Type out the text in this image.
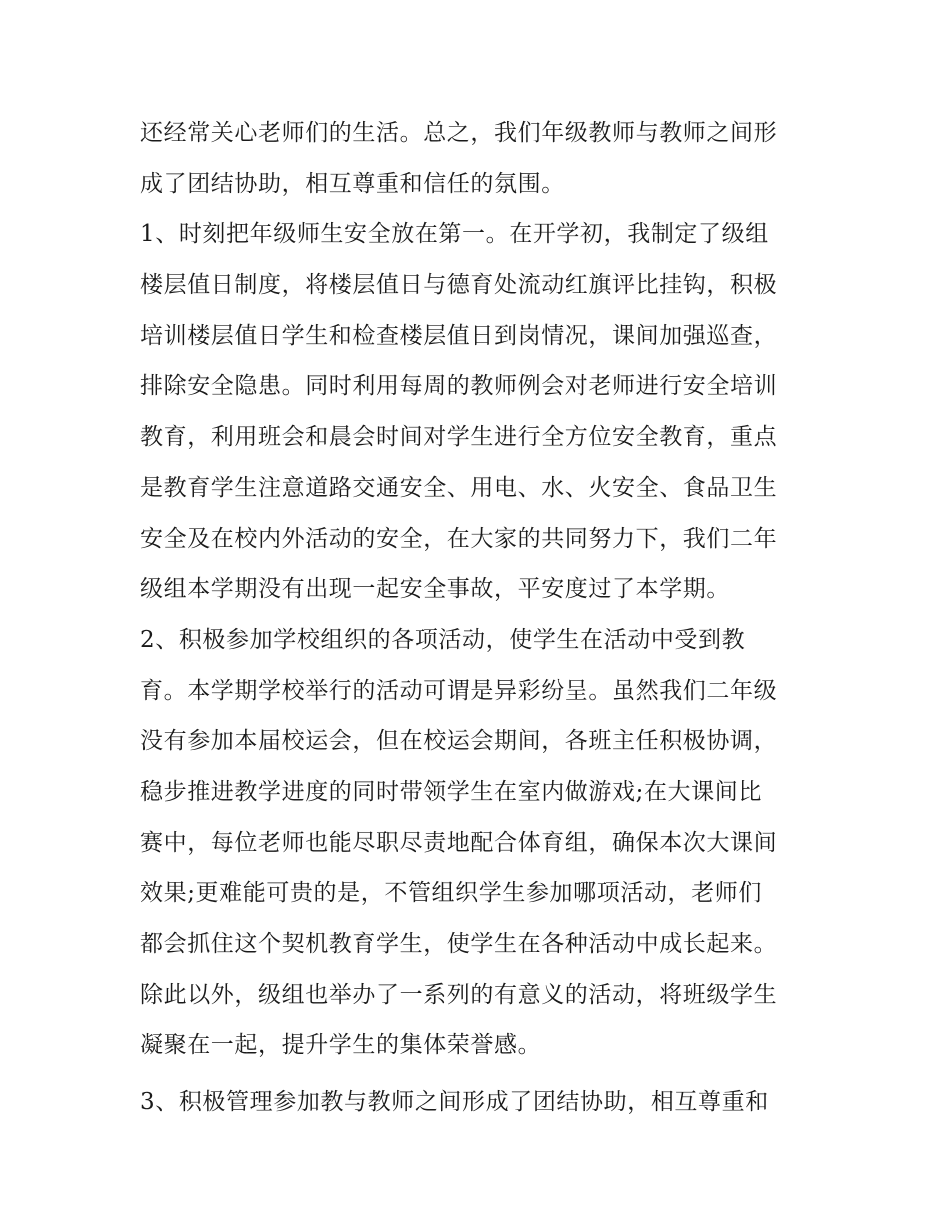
还经常关心老师们的生活。总之，我们年级教师与教师之间形
成了团结协助，相互尊重和信任的氛围。
1、时刻把年级师生安全放在第一。在开学初，我制定了级组
楼层值日制度，将楼层值日与德育处流动红旗评比挂钩，积极
培训楼层值日学生和检查楼层值日到岗情况，课间加强巡查，
排除安全隐患。同时利用每周的教师例会对老师进行安全培训
教育，利用班会和晨会时间对学生进行全方位安全教育，重点
是教育学生注意道路交通安全、用电、水、火安全、食品卫生
安全及在校内外活动的安全，在大家的共同努力下，我们二年
级组本学期没有出现一起安全事故，平安度过了本学期。
2、积极参加学校组织的各项活动，使学生在活动中受到教
育。本学期学校举行的活动可谓是异彩纷呈。虽然我们二年级
没有参加本届校运会，但在校运会期间，各班主任积极协调，
稳步推进教学进度的同时带领学生在室内做游戏;在大课间比
赛中，每位老师也能尽职尽责地配合体育组，确保本次大课间
效果;更难能可贵的是，不管组织学生参加哪项活动，老师们
都会抓住这个契机教育学生，使学生在各种活动中成长起来。
除此以外，级组也举办了一系列的有意义的活动，将班级学生
凝聚在一起，提升学生的集体荣誉感。
3、积极管理参加教与教师之间形成了团结协助，相互尊重和
